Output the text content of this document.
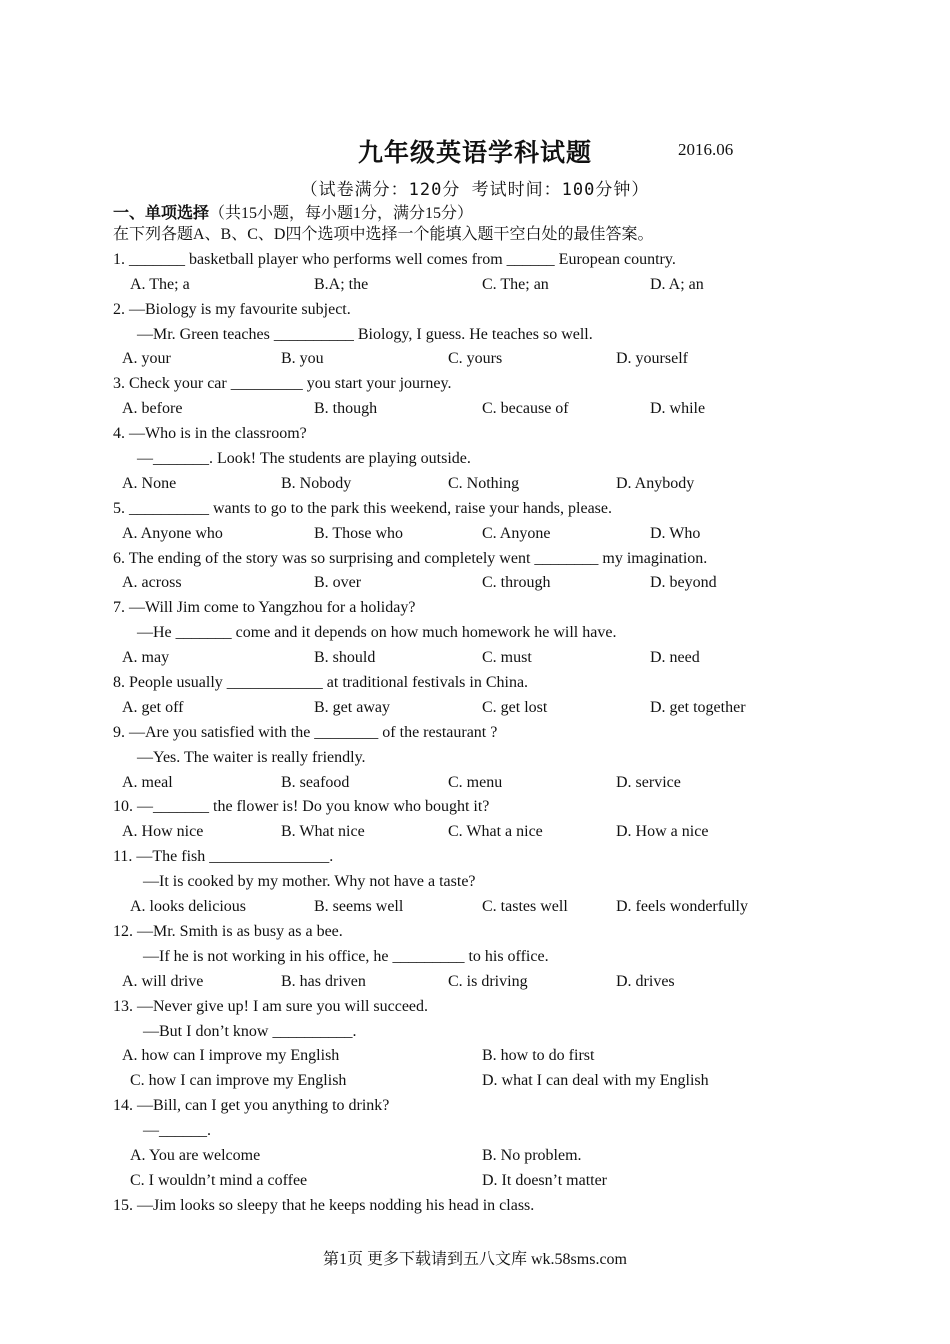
九年级英语学科试题	2016.06
（试卷满分：120分 考试时间：100分钟）
一、单项选择（共15小题，每小题1分，满分15分）
在下列各题A、B、C、D四个选项中选择一个能填入题干空白处的最佳答案。
1. _______ basketball player who performs well comes from ______ European country.
A. The; a	B.A; the	C. The; an	D. A; an
2. —Biology is my favourite subject.
—Mr. Green teaches __________ Biology, I guess. He teaches so well.
A. your	B. you	C. yours	D. yourself
3. Check your car _________ you start your journey.
A. before	B. though	C. because of	D. while
4. —Who is in the classroom?
—_______. Look! The students are playing outside.
A. None	B. Nobody	C. Nothing	D. Anybody
5. __________ wants to go to the park this weekend, raise your hands, please.
A. Anyone who	B. Those who	C. Anyone	D. Who
6. The ending of the story was so surprising and completely went ________ my imagination.
A. across	B. over	C. through	D. beyond
7. —Will Jim come to Yangzhou for a holiday?
—He _______ come and it depends on how much homework he will have.
A. may	B. should	C. must	D. need
8. People usually ____________ at traditional festivals in China.
A. get off	B. get away	C. get lost	D. get together
9. —Are you satisfied with the ________ of the restaurant ?
—Yes. The waiter is really friendly.
A. meal	B. seafood	C. menu	D. service
10. —_______ the flower is! Do you know who bought it?
A. How nice	B. What nice	C. What a nice	D. How a nice
11. —The fish _______________.
—It is cooked by my mother. Why not have a taste?
A. looks delicious	B. seems well	C. tastes well	D. feels wonderfully
12. —Mr. Smith is as busy as a bee.
—If he is not working in his office, he _________ to his office.
A. will drive	B. has driven	C. is driving	D. drives
13. —Never give up! I am sure you will succeed.
—But I don’t know __________.
A. how can I improve my English	B. how to do first
C. how I can improve my English	D. what I can deal with my English
14. —Bill, can I get you anything to drink?
—______.
A. You are welcome	B. No problem.
C. I wouldn’t mind a coffee	D. It doesn’t matter
15. —Jim looks so sleepy that he keeps nodding his head in class.
第1页 更多下载请到五八文库 wk.58sms.com
